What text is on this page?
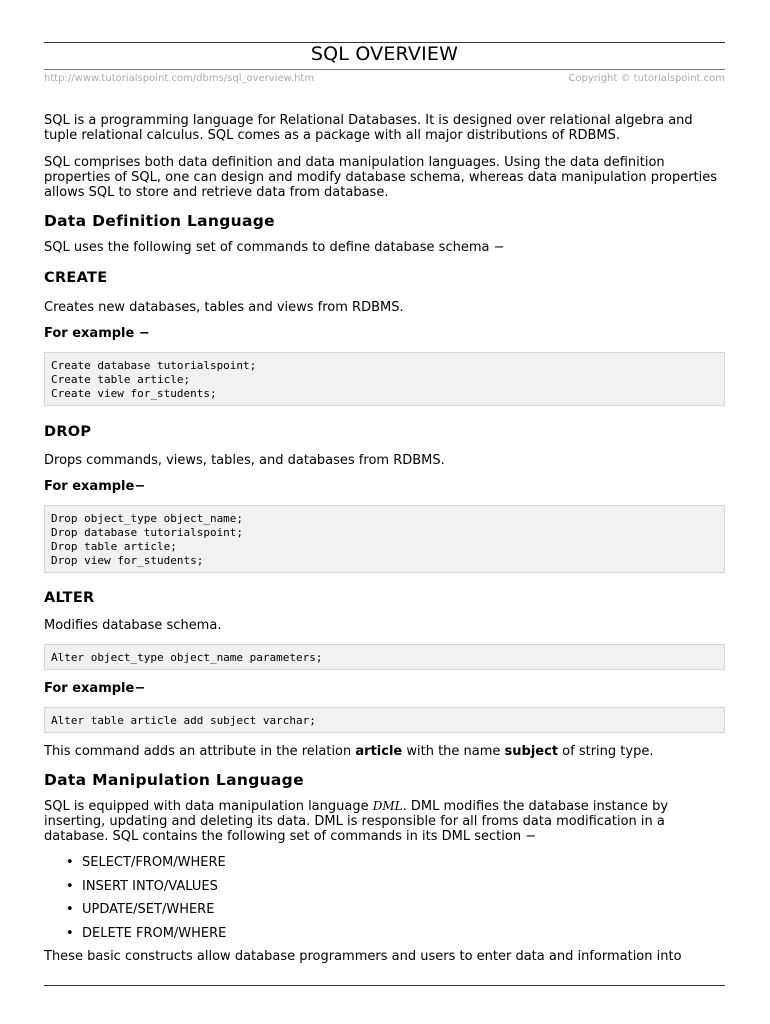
SQL OVERVIEW
http://www.tutorialspoint.com/dbms/sql_overview.htm	Copyright © tutorialspoint.com

SQL is a programming language for Relational Databases. It is designed over relational algebra and tuple relational calculus. SQL comes as a package with all major distributions of RDBMS.

SQL comprises both data definition and data manipulation languages. Using the data definition properties of SQL, one can design and modify database schema, whereas data manipulation properties allows SQL to store and retrieve data from database.

Data Definition Language

SQL uses the following set of commands to define database schema −

CREATE

Creates new databases, tables and views from RDBMS.

For example −
Create database tutorialspoint;
Create table article;
Create view for_students;
DROP

Drops commands, views, tables, and databases from RDBMS.

For example−
Drop object_type object_name;
Drop database tutorialspoint;
Drop table article;
Drop view for_students;
ALTER

Modifies database schema.

Alter object_type object_name parameters;
For example−
Alter table article add subject varchar;

This command adds an attribute in the relation article with the name subject of string type.

Data Manipulation Language

SQL is equipped with data manipulation language DML. DML modifies the database instance by inserting, updating and deleting its data. DML is responsible for all froms data modification in a database. SQL contains the following set of commands in its DML section −

• SELECT/FROM/WHERE
• INSERT INTO/VALUES
• UPDATE/SET/WHERE
• DELETE FROM/WHERE

These basic constructs allow database programmers and users to enter data and information into
